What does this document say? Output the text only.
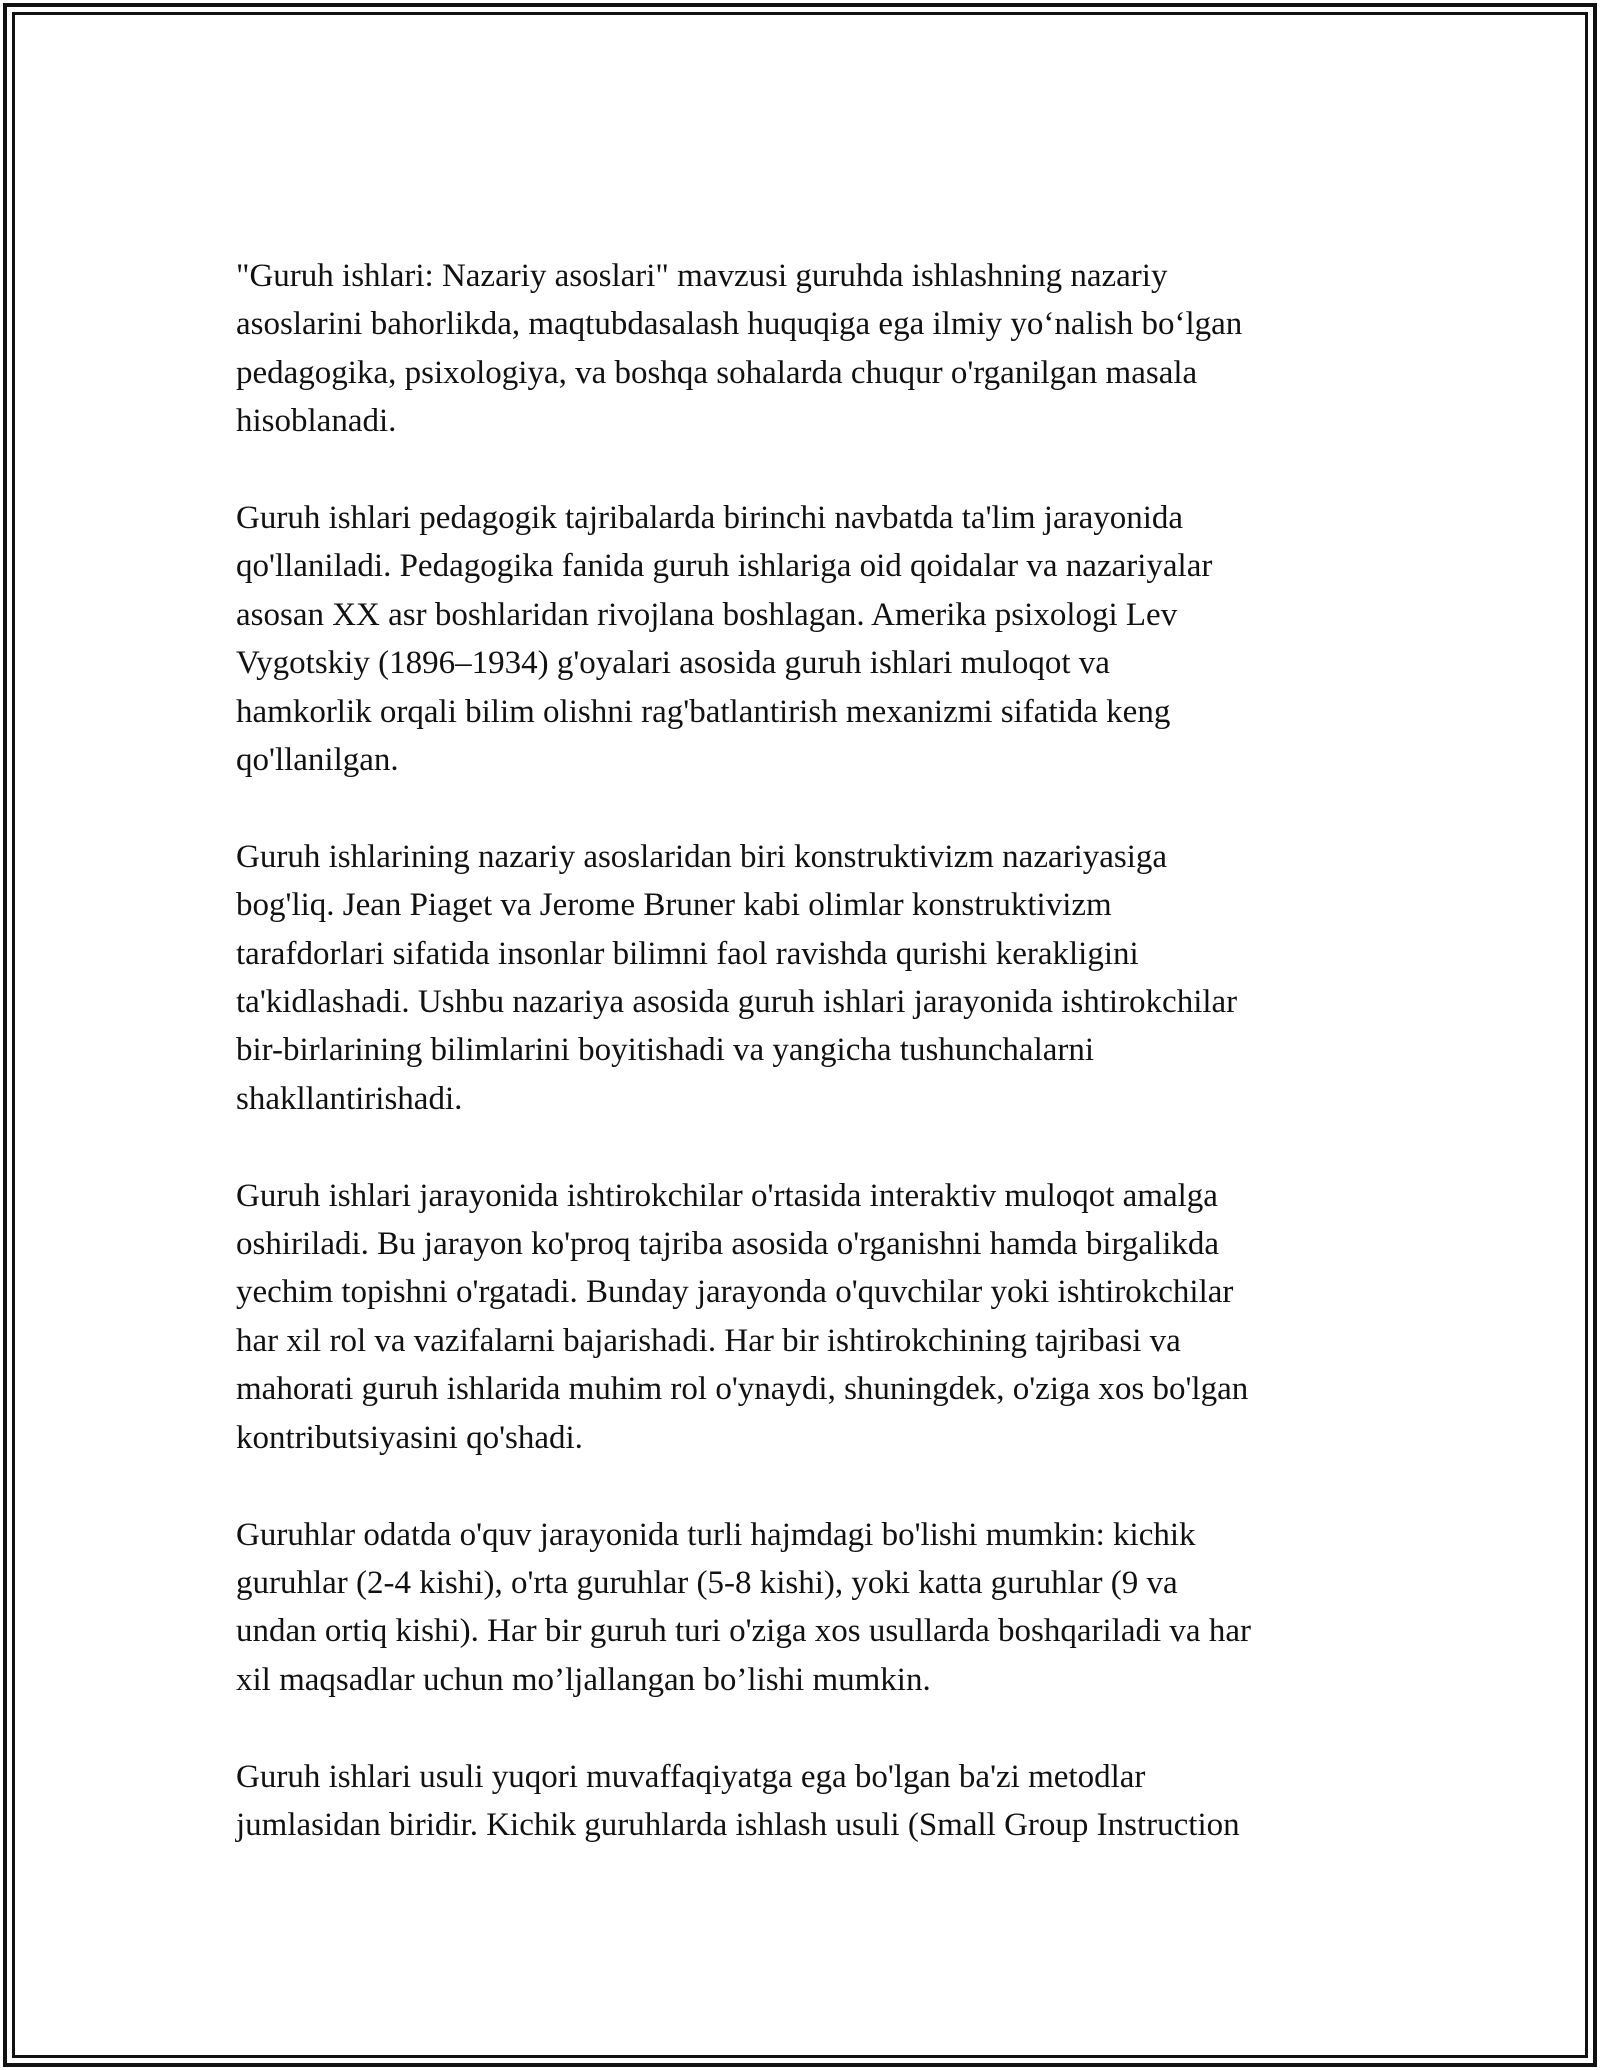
"Guruh ishlari: Nazariy asoslari" mavzusi guruhda ishlashning nazariy
asoslarini bahorlikda, maqtubdasalash huquqiga ega ilmiy yo‘nalish bo‘lgan
pedagogika, psixologiya, va boshqa sohalarda chuqur o'rganilgan masala
hisoblanadi.

Guruh ishlari pedagogik tajribalarda birinchi navbatda ta'lim jarayonida
qo'llaniladi. Pedagogika fanida guruh ishlariga oid qoidalar va nazariyalar
asosan XX asr boshlaridan rivojlana boshlagan. Amerika psixologi Lev
Vygotskiy (1896–1934) g'oyalari asosida guruh ishlari muloqot va
hamkorlik orqali bilim olishni rag'batlantirish mexanizmi sifatida keng
qo'llanilgan.

Guruh ishlarining nazariy asoslaridan biri konstruktivizm nazariyasiga
bog'liq. Jean Piaget va Jerome Bruner kabi olimlar konstruktivizm
tarafdorlari sifatida insonlar bilimni faol ravishda qurishi kerakligini
ta'kidlashadi. Ushbu nazariya asosida guruh ishlari jarayonida ishtirokchilar
bir-birlarining bilimlarini boyitishadi va yangicha tushunchalarni
shakllantirishadi.

Guruh ishlari jarayonida ishtirokchilar o'rtasida interaktiv muloqot amalga
oshiriladi. Bu jarayon ko'proq tajriba asosida o'rganishni hamda birgalikda
yechim topishni o'rgatadi. Bunday jarayonda o'quvchilar yoki ishtirokchilar
har xil rol va vazifalarni bajarishadi. Har bir ishtirokchining tajribasi va
mahorati guruh ishlarida muhim rol o'ynaydi, shuningdek, o'ziga xos bo'lgan
kontributsiyasini qo'shadi.

Guruhlar odatda o'quv jarayonida turli hajmdagi bo'lishi mumkin: kichik
guruhlar (2-4 kishi), o'rta guruhlar (5-8 kishi), yoki katta guruhlar (9 va
undan ortiq kishi). Har bir guruh turi o'ziga xos usullarda boshqariladi va har
xil maqsadlar uchun mo’ljallangan bo’lishi mumkin.

Guruh ishlari usuli yuqori muvaffaqiyatga ega bo'lgan ba'zi metodlar
jumlasidan biridir. Kichik guruhlarda ishlash usuli (Small Group Instruction
